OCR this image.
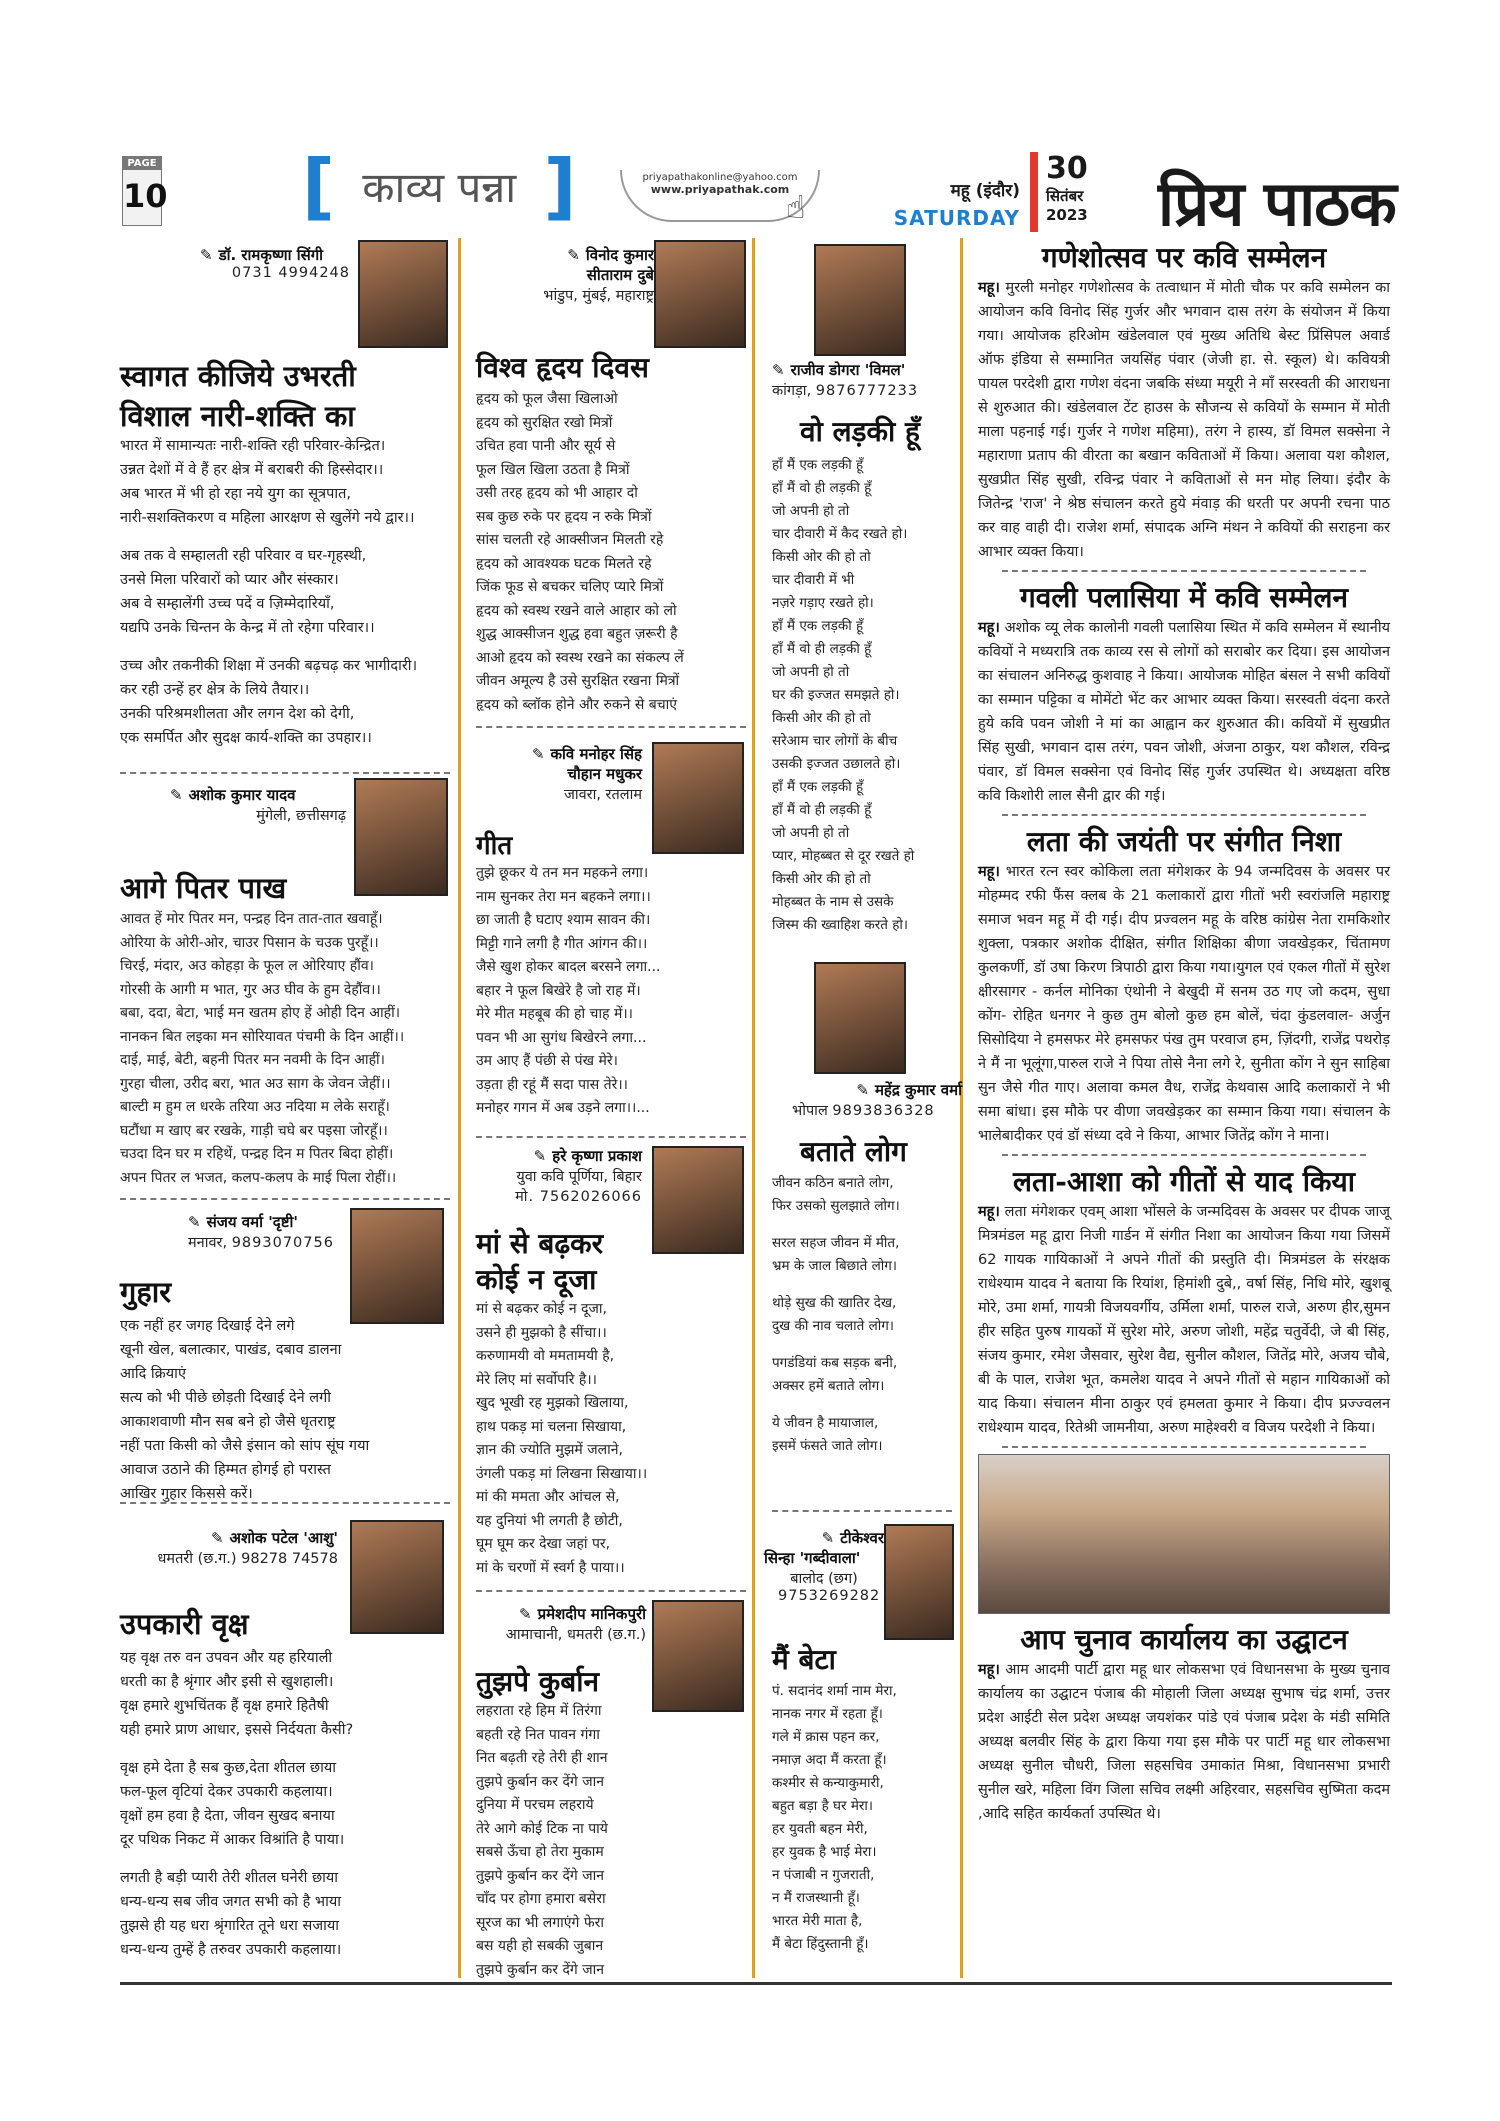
PAGE
10 [ काव्य पन्ना ]	priyapathakonline@yahoo.com
www.priyapathak.com
☝	महू (इंदौर)
SATURDAY
30
सितंबर
2023	प्रिय पाठक
✎ डॉ. रामकृष्णा सिंगी
0731 4994248
स्वागत कीजिये उभरती
विशाल नारी-शक्ति का

भारत में सामान्यतः नारी-शक्ति रही परिवार-केन्द्रित।

उन्नत देशों में वे हैं हर क्षेत्र में बराबरी की हिस्सेदार।।

अब भारत में भी हो रहा नये युग का सूत्रपात,

नारी-सशक्तिकरण व महिला आरक्षण से खुलेंगे नये द्वार।।

अब तक वे सम्हालती रही परिवार व घर-गृहस्थी,

उनसे मिला परिवारों को प्यार और संस्कार।

अब वे सम्हालेंगी उच्च पदें व ज़िम्मेदारियाँ,

यद्यपि उनके चिन्तन के केन्द्र में तो रहेगा परिवार।।

उच्च और तकनीकी शिक्षा में उनकी बढ़चढ़ कर भागीदारी।

कर रही उन्हें हर क्षेत्र के लिये तैयार।।

उनकी परिश्रमशीलता और लगन देश को देगी,

एक समर्पित और सुदक्ष कार्य-शक्ति का उपहार।।

✎ अशोक कुमार यादव
मुंगेली, छत्तीसगढ़
आगे पितर पाख

आवत हें मोर पितर मन, पन्द्रह दिन तात-तात खवाहूँ।

ओरिया के ओरी-ओर, चाउर पिसान के चउक पुरहूँ।।

चिरई, मंदार, अउ कोहड़ा के फूल ल ओरियाए हौंव।

गोरसी के आगी म भात, गुर अउ घीव के हुम देहौंव।।

बबा, ददा, बेटा, भाई मन खतम होए हें ओही दिन आहीं।

नानकन बित लइका मन सोरियावत पंचमी के दिन आहीं।।

दाई, माई, बेटी, बहनी पितर मन नवमी के दिन आहीं।

गुरहा चीला, उरीद बरा, भात अउ साग के जेवन जेहीं।।

बाल्टी म हुम ल धरके तरिया अउ नदिया म लेके सराहूँ।

घटौंधा म खाए बर रखके, गाड़ी चघे बर पइसा जोरहूँ।।

चउदा दिन घर म रहिथें, पन्द्रह दिन म पितर बिदा होहीं।

अपन पितर ल भजत, कलप-कलप के माई पिला रोहीं।।

✎ संजय वर्मा 'दृष्टी'
मनावर, 9893070756
गुहार

एक नहीं हर जगह दिखाई देने लगे

खूनी खेल, बलात्कार, पाखंड, दबाव डालना

आदि क्रियाएं

सत्य को भी पीछे छोड़ती दिखाई देने लगी

आकाशवाणी मौन सब बने हो जैसे धृतराष्ट्र

नहीं पता किसी को जैसे इंसान को सांप सूंघ गया

आवाज उठाने की हिम्मत होगई हो परास्त

आखिर गुहार किससे करें।

✎ अशोक पटेल 'आशु'
धमतरी (छ.ग.) 98278 74578
उपकारी वृक्ष

यह वृक्ष तरु वन उपवन और यह हरियाली

धरती का है श्रृंगार और इसी से खुशहाली।

वृक्ष हमारे शुभचिंतक हैं वृक्ष हमारे हितैषी

यही हमारे प्राण आधार, इससे निर्दयता कैसी?

वृक्ष हमे देता है सब कुछ,देता शीतल छाया

फल-फूल वृटियां देकर उपकारी कहलाया।

वृक्षों हम हवा है देता, जीवन सुखद बनाया

दूर पथिक निकट में आकर विश्रांति है पाया।

लगती है बड़ी प्यारी तेरी शीतल घनेरी छाया

धन्य-धन्य सब जीव जगत सभी को है भाया

तुझसे ही यह धरा श्रृंगारित तूने धरा सजाया

धन्य-धन्य तुम्हें है तरुवर उपकारी कहलाया।

✎ विनोद कुमार
सीताराम दुबे
भांडुप, मुंबई, महाराष्ट्र
विश्व हृदय दिवस

हृदय को फूल जैसा खिलाओ

हृदय को सुरक्षित रखो मित्रों

उचित हवा पानी और सूर्य से

फूल खिल खिला उठता है मित्रों

उसी तरह हृदय को भी आहार दो

सब कुछ रुके पर हृदय न रुके मित्रों

सांस चलती रहे आक्सीजन मिलती रहे

हृदय को आवश्यक घटक मिलते रहे

जिंक फूड से बचकर चलिए प्यारे मित्रों

हृदय को स्वस्थ रखने वाले आहार को लो

शुद्ध आक्सीजन शुद्ध हवा बहुत ज़रूरी है

आओ हृदय को स्वस्थ रखने का संकल्प लें

जीवन अमूल्य है उसे सुरक्षित रखना मित्रों

हृदय को ब्लॉक होने और रुकने से बचाएं

✎ कवि मनोहर सिंह
चौहान मधुकर
जावरा, रतलाम
गीत

तुझे छूकर ये तन मन महकने लगा।

नाम सुनकर तेरा मन बहकने लगा।।

छा जाती है घटाए श्याम सावन की।

मिट्टी गाने लगी है गीत आंगन की।।

जैसे खुश होकर बादल बरसने लगा...

बहार ने फूल बिखेरे है जो राह में।

मेरे मीत महबूब की हो चाह में।।

पवन भी आ सुगंध बिखेरने लगा...

उम आए हैं पंछी से पंख मेरे।

उड़ता ही रहूं मैं सदा पास तेरे।।

मनोहर गगन में अब उड़ने लगा।।...

✎ हरे कृष्णा प्रकाश
युवा कवि पूर्णिया, बिहार
मो. 7562026066
मां से बढ़कर
कोई न दूजा

मां से बढ़कर कोई न दूजा,

उसने ही मुझको है सींचा।।

करुणामयी वो ममतामयी है,

मेरे लिए मां सर्वोपरि है।।

खुद भूखी रह मुझको खिलाया,

हाथ पकड़ मां चलना सिखाया,

ज्ञान की ज्योति मुझमें जलाने,

उंगली पकड़ मां लिखना सिखाया।।

मां की ममता और आंचल से,

यह दुनियां भी लगती है छोटी,

घूम घूम कर देखा जहां पर,

मां के चरणों में स्वर्ग है पाया।।

✎ प्रमेशदीप मानिकपुरी
आमाचानी, धमतरी (छ.ग.)
तुझपे कुर्बान

लहराता रहे हिम में तिरंगा

बहती रहे नित पावन गंगा

नित बढ़ती रहे तेरी ही शान

तुझपे कुर्बान कर देंगे जान

दुनिया में परचम लहराये

तेरे आगे कोई टिक ना पाये

सबसे ऊँचा हो तेरा मुकाम

तुझपे कुर्बान कर देंगे जान

चाँद पर होगा हमारा बसेरा

सूरज का भी लगाएंगे फेरा

बस यही हो सबकी जुबान

तुझपे कुर्बान कर देंगे जान

✎ राजीव डोगरा 'विमल'
कांगड़ा, 9876777233
वो लड़की हूँ

हाँ मैं एक लड़की हूँ

हाँ मैं वो ही लड़की हूँ

जो अपनी हो तो

चार दीवारी में कैद रखते हो।

किसी ओर की हो तो

चार दीवारी में भी

नज़रे गड़ाए रखते हो।

हाँ मैं एक लड़की हूँ

हाँ मैं वो ही लड़की हूँ

जो अपनी हो तो

घर की इज्जत समझते हो।

किसी ओर की हो तो

सरेआम चार लोगों के बीच

उसकी इज्जत उछालते हो।

हाँ मैं एक लड़की हूँ

हाँ मैं वो ही लड़की हूँ

जो अपनी हो तो

प्यार, मोहब्बत से दूर रखते हो

किसी ओर की हो तो

मोहब्बत के नाम से उसके

जिस्म की ख्वाहिश करते हो।

✎ महेंद्र कुमार वर्मा
भोपाल 9893836328
बताते लोग

जीवन कठिन बनाते लोग,

फिर उसको सुलझाते लोग।

सरल सहज जीवन में मीत,

भ्रम के जाल बिछाते लोग।

थोड़े सुख की खातिर देख,

दुख की नाव चलाते लोग।

पगडंडियां कब सड़क बनी,

अक्सर हमें बताते लोग।

ये जीवन है मायाजाल,

इसमें फंसते जाते लोग।

✎ टीकेश्वर
सिन्हा 'गब्दीवाला'
बालोद (छग)
9753269282
मैं बेटा

पं. सदानंद शर्मा नाम मेरा,

नानक नगर में रहता हूँ।

गले में क्रास पहन कर,

नमाज़ अदा मैं करता हूँ।

कश्मीर से कन्याकुमारी,

बहुत बड़ा है घर मेरा।

हर युवती बहन मेरी,

हर युवक है भाई मेरा।

न पंजाबी न गुजराती,

न मैं राजस्थानी हूँ।

भारत मेरी माता है,

मैं बेटा हिंदुस्तानी हूँ।

गणेशोत्सव पर कवि सम्मेलन
महू। मुरली मनोहर गणेशोत्सव के तत्वाधान में मोती चौक पर कवि सम्मेलन का आयोजन कवि विनोद सिंह गुर्जर और भगवान दास तरंग के संयोजन में किया गया। आयोजक हरिओम खंडेलवाल एवं मुख्य अतिथि बेस्ट प्रिंसिपल अवार्ड ऑफ इंडिया से सम्मानित जयसिंह पंवार (जेजी हा. से. स्कूल) थे। कवियत्री पायल परदेशी द्वारा गणेश वंदना जबकि संध्या मयूरी ने माँ सरस्वती की आराधना से शुरुआत की। खंडेलवाल टेंट हाउस के सौजन्य से कवियों के सम्मान में मोती माला पहनाई गई। गुर्जर ने गणेश महिमा), तरंग ने हास्य, डॉ विमल सक्सेना ने महाराणा प्रताप की वीरता का बखान कविताओं में किया। अलावा यश कौशल, सुखप्रीत सिंह सुखी, रविन्द्र पंवार ने कविताओं से मन मोह लिया। इंदौर के जितेन्द्र 'राज' ने श्रेष्ठ संचालन करते हुये मंवाड़ की धरती पर अपनी रचना पाठ कर वाह वाही दी। राजेश शर्मा, संपादक अग्नि मंथन ने कवियों की सराहना कर आभार व्यक्त किया।
गवली पलासिया में कवि सम्मेलन
महू। अशोक व्यू लेक कालोनी गवली पलासिया स्थित में कवि सम्मेलन में स्थानीय कवियों ने मध्यरात्रि तक काव्य रस से लोगों को सराबोर कर दिया। इस आयोजन का संचालन अनिरुद्ध कुशवाह ने किया। आयोजक मोहित बंसल ने सभी कवियों का सम्मान पट्टिका व मोमेंटो भेंट कर आभार व्यक्त किया। सरस्वती वंदना करते हुये कवि पवन जोशी ने मां का आह्वान कर शुरुआत की। कवियों में सुखप्रीत सिंह सुखी, भगवान दास तरंग, पवन जोशी, अंजना ठाकुर, यश कौशल, रविन्द्र पंवार, डॉ विमल सक्सेना एवं विनोद सिंह गुर्जर उपस्थित थे। अध्यक्षता वरिष्ठ कवि किशोरी लाल सैनी द्वार की गई।
लता की जयंती पर संगीत निशा
महू। भारत रत्न स्वर कोकिला लता मंगेशकर के 94 जन्मदिवस के अवसर पर मोहम्मद रफी फैंस क्लब के 21 कलाकारों द्वारा गीतों भरी स्वरांजलि महाराष्ट्र समाज भवन महू में दी गई। दीप प्रज्वलन महू के वरिष्ठ कांग्रेस नेता रामकिशोर शुक्ला, पत्रकार अशोक दीक्षित, संगीत शिक्षिका बीणा जवखेड़कर, चिंतामण कुलकर्णी, डॉ उषा किरण त्रिपाठी द्वारा किया गया।युगल एवं एकल गीतों में सुरेश क्षीरसागर - कर्नल मोनिका एंथोनी ने बेखुदी में सनम उठ गए जो कदम, सुधा कोंग- रोहित धनगर ने कुछ तुम बोलो कुछ हम बोलें, चंदा कुंडलवाल- अर्जुन सिसोदिया ने हमसफर मेरे हमसफर पंख तुम परवाज हम, ज़िंदगी, राजेंद्र पथरोड़ ने मैं ना भूलूंगा,पारुल राजे ने पिया तोसे नैना लगे रे, सुनीता कोंग ने सुन साहिबा सुन जैसे गीत गाए। अलावा कमल वैध, राजेंद्र केथवास आदि कलाकारों ने भी समा बांधा। इस मौके पर वीणा जवखेड़कर का सम्मान किया गया। संचालन के भालेबादीकर एवं डॉ संध्या दवे ने किया, आभार जितेंद्र कोंग ने माना।
लता-आशा को गीतों से याद किया
महू। लता मंगेशकर एवम् आशा भोंसले के जन्मदिवस के अवसर पर दीपक जाजू मित्रमंडल महू द्वारा निजी गार्डन में संगीत निशा का आयोजन किया गया जिसमें 62 गायक गायिकाओं ने अपने गीतों की प्रस्तुति दी। मित्रमंडल के संरक्षक राधेश्याम यादव ने बताया कि रियांश, हिमांशी दुबे,, वर्षा सिंह, निधि मोरे, खुशबू मोरे, उमा शर्मा, गायत्री विजयवर्गीय, उर्मिला शर्मा, पारुल राजे, अरुण हीर,सुमन हीर सहित पुरुष गायकों में सुरेश मोरे, अरुण जोशी, महेंद्र चतुर्वेदी, जे बी सिंह, संजय कुमार, रमेश जैसवार, सुरेश वैद्य, सुनील कौशल, जितेंद्र मोरे, अजय चौबे, बी के पाल, राजेश भूत, कमलेश यादव ने अपने गीतों से महान गायिकाओं को याद किया। संचालन मीना ठाकुर एवं हमलता कुमार ने किया। दीप प्रज्ज्वलन राधेश्याम यादव, रितेश्री जामनीया, अरुण माहेश्वरी व विजय परदेशी ने किया।
आप चुनाव कार्यालय का उद्घाटन
महू। आम आदमी पार्टी द्वारा महू धार लोकसभा एवं विधानसभा के मुख्य चुनाव कार्यालय का उद्घाटन पंजाब की मोहाली जिला अध्यक्ष सुभाष चंद्र शर्मा, उत्तर प्रदेश आईटी सेल प्रदेश अध्यक्ष जयशंकर पांडे एवं पंजाब प्रदेश के मंडी समिति अध्यक्ष बलवीर सिंह के द्वारा किया गया इस मौके पर पार्टी महू धार लोकसभा अध्यक्ष सुनील चौधरी, जिला सहसचिव उमाकांत मिश्रा, विधानसभा प्रभारी सुनील खरे, महिला विंग जिला सचिव लक्ष्मी अहिरवार, सहसचिव सुष्मिता कदम ,आदि सहित कार्यकर्ता उपस्थित थे।
